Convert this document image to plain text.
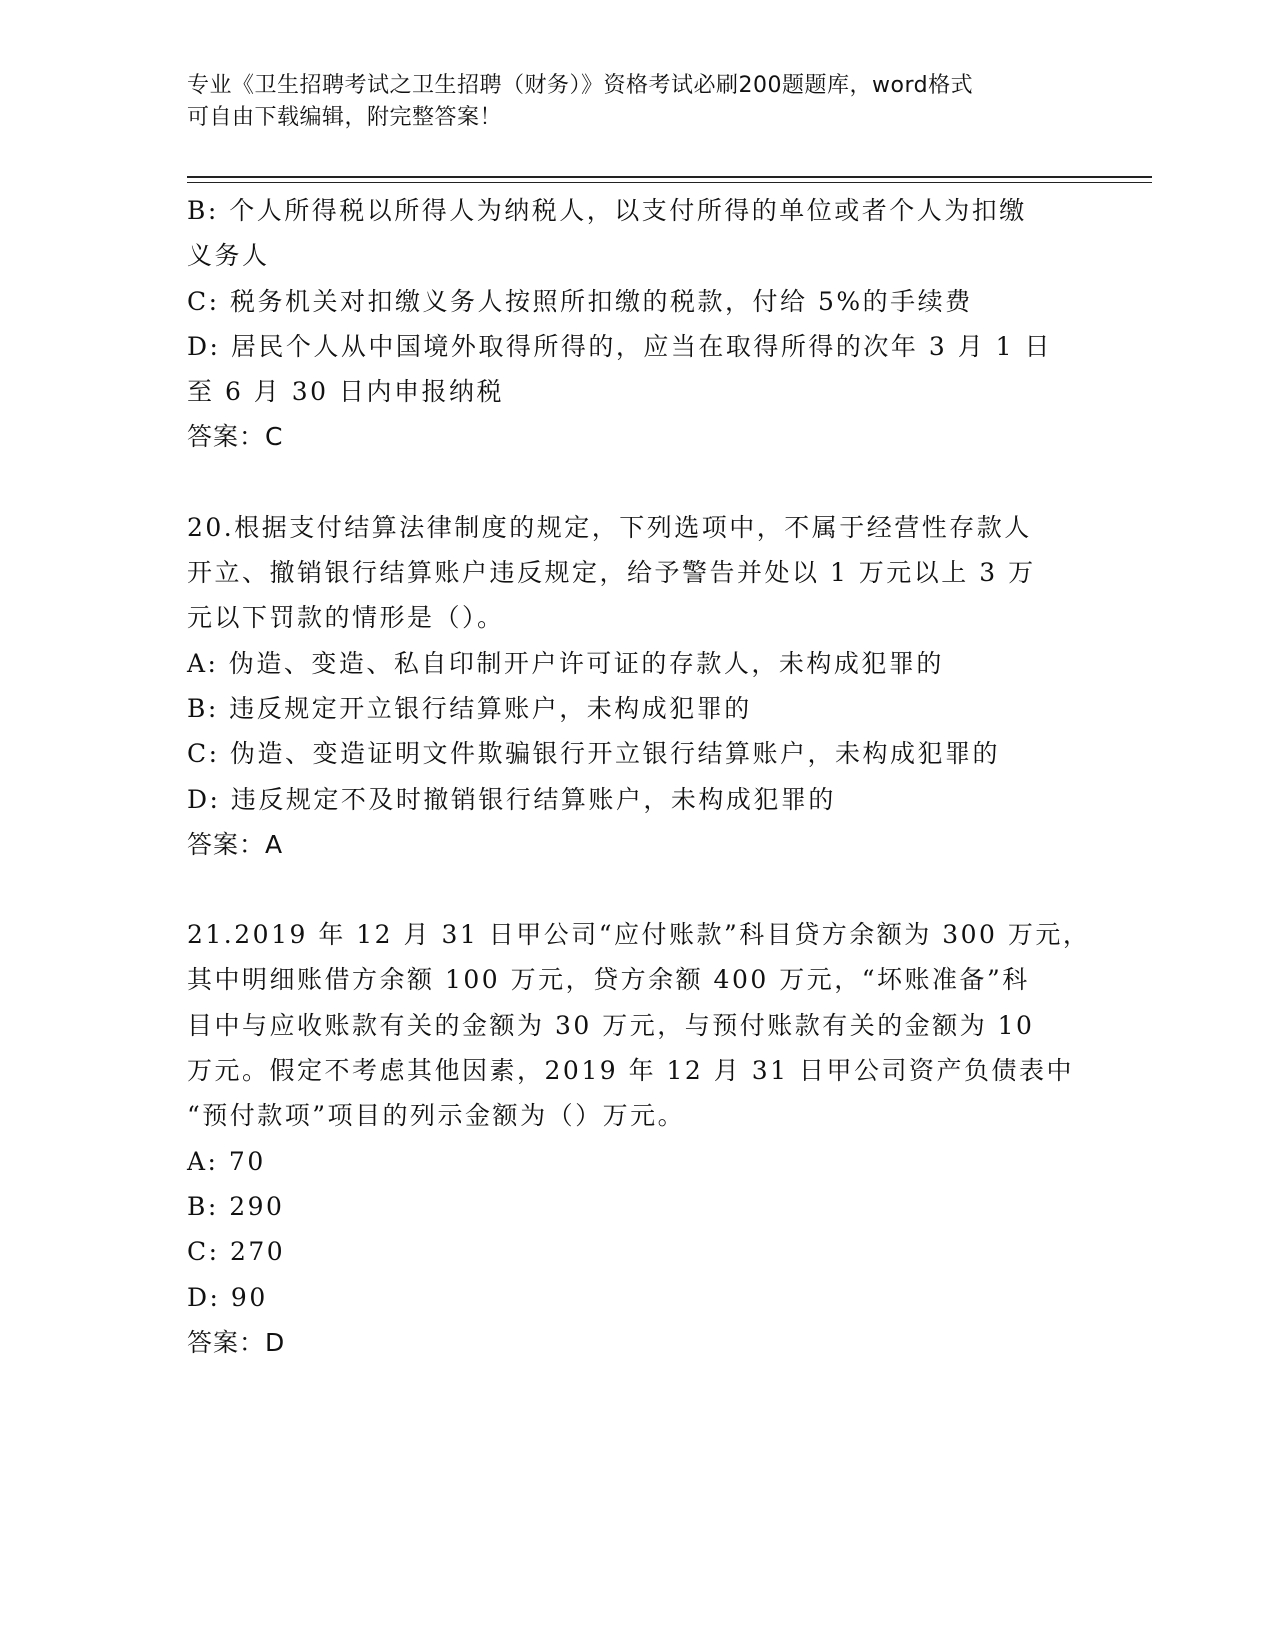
专业《卫生招聘考试之卫生招聘（财务）》资格考试必刷200题题库，word格式
可自由下载编辑，附完整答案！
B: 个人所得税以所得人为纳税人，以支付所得的单位或者个人为扣缴
义务人
C: 税务机关对扣缴义务人按照所扣缴的税款，付给 5%的手续费
D: 居民个人从中国境外取得所得的，应当在取得所得的次年 3 月 1 日
至 6 月 30 日内申报纳税
答案：C
20.根据支付结算法律制度的规定，下列选项中，不属于经营性存款人
开立、撤销银行结算账户违反规定，给予警告并处以 1 万元以上 3 万
元以下罚款的情形是（）。
A: 伪造、变造、私自印制开户许可证的存款人，未构成犯罪的
B: 违反规定开立银行结算账户，未构成犯罪的
C: 伪造、变造证明文件欺骗银行开立银行结算账户，未构成犯罪的
D: 违反规定不及时撤销银行结算账户，未构成犯罪的
答案：A
21.2019 年 12 月 31 日甲公司“应付账款”科目贷方余额为 300 万元，
其中明细账借方余额 100 万元，贷方余额 400 万元，“坏账准备”科
目中与应收账款有关的金额为 30 万元，与预付账款有关的金额为 10
万元。假定不考虑其他因素，2019 年 12 月 31 日甲公司资产负债表中
“预付款项”项目的列示金额为（）万元。
A: 70
B: 290
C: 270
D: 90
答案：D
